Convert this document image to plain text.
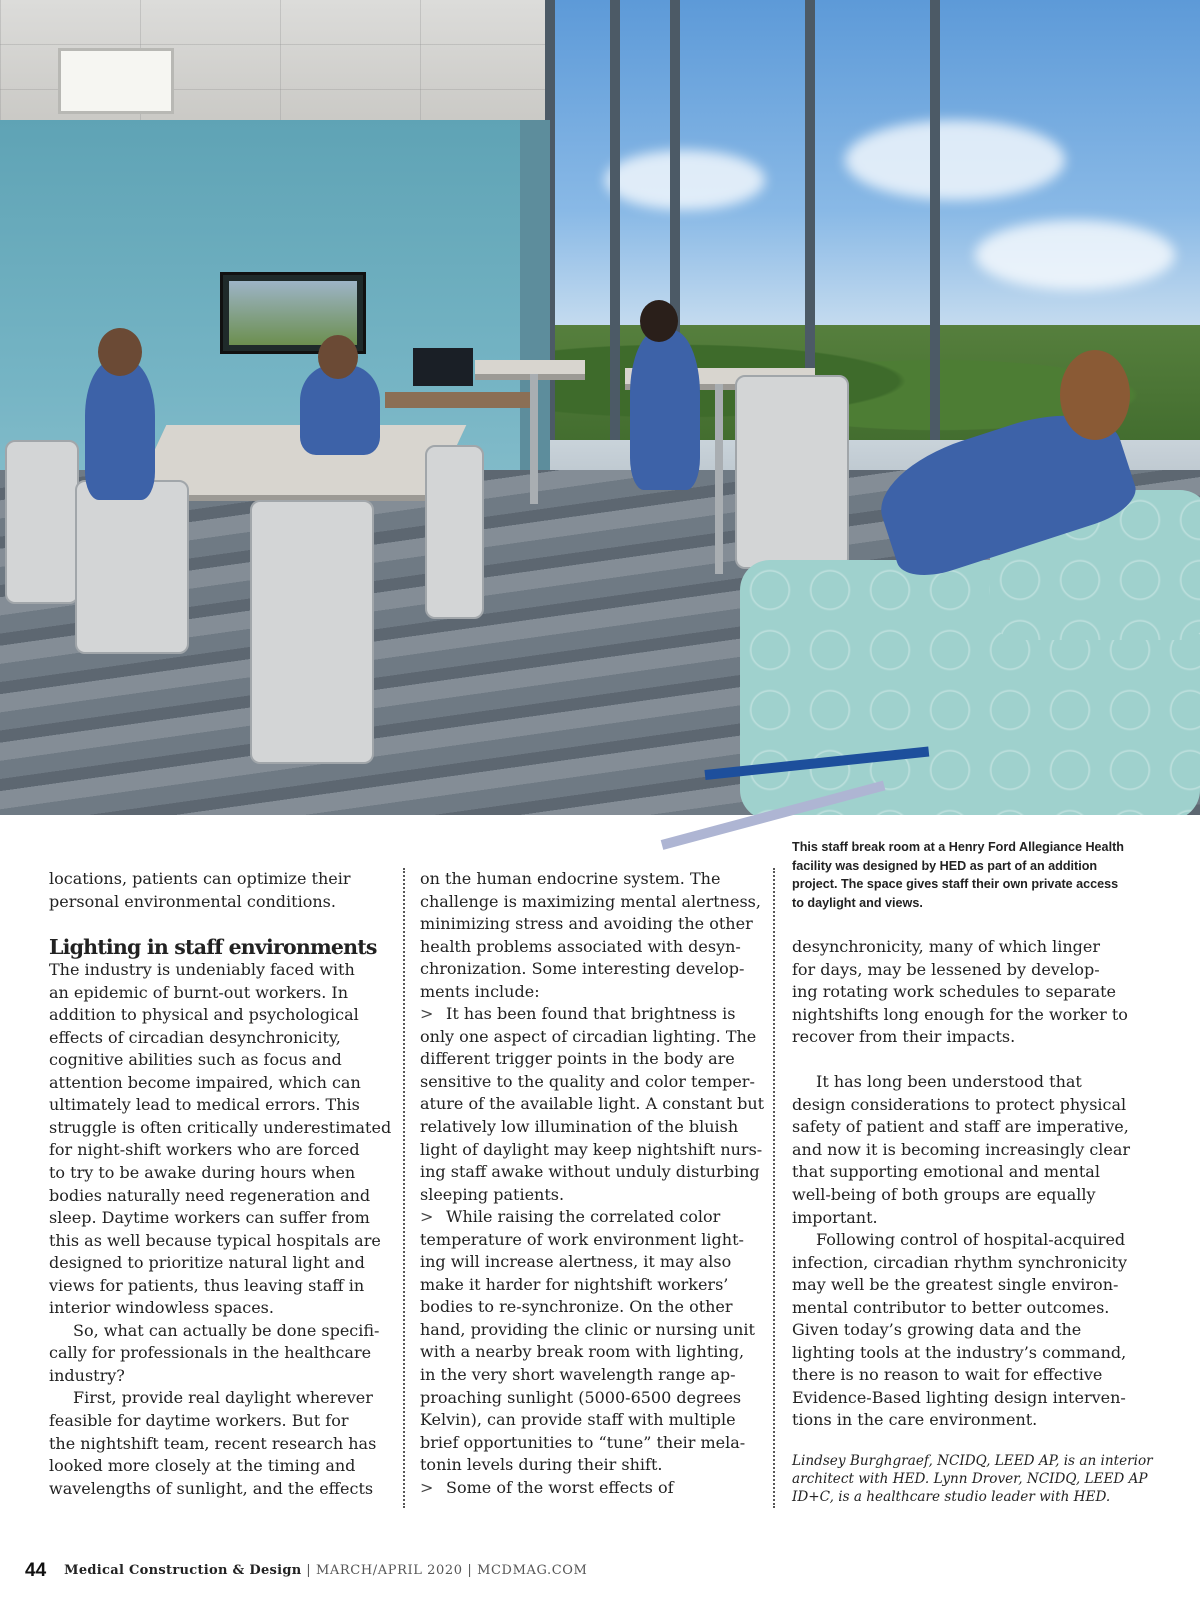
This staff break room at a Henry Ford Allegiance Health facility was designed by HED as part of an addition project. The space gives staff their own private access to daylight and views.
locations, patients can optimize their
personal environmental conditions.
Lighting in staff environments
The industry is undeniably faced with
an epidemic of burnt-out workers. In
addition to physical and psychological
effects of circadian desynchronicity,
cognitive abilities such as focus and
attention become impaired, which can
ultimately lead to medical errors. This
struggle is often critically underestimated
for night-shift workers who are forced
to try to be awake during hours when
bodies naturally need regeneration and
sleep. Daytime workers can suffer from
this as well because typical hospitals are
designed to prioritize natural light and
views for patients, thus leaving staff in
interior windowless spaces.
So, what can actually be done specifi-
cally for professionals in the healthcare
industry?
First, provide real daylight wherever
feasible for daytime workers. But for
the nightshift team, recent research has
looked more closely at the timing and
wavelengths of sunlight, and the effects
on the human endocrine system. The
challenge is maximizing mental alertness,
minimizing stress and avoiding the other
health problems associated with desyn-
chronization. Some interesting develop-
ments include:
> It has been found that brightness is
only one aspect of circadian lighting. The
different trigger points in the body are
sensitive to the quality and color temper-
ature of the available light. A constant but
relatively low illumination of the bluish
light of daylight may keep nightshift nurs-
ing staff awake without unduly disturbing
sleeping patients.
> While raising the correlated color
temperature of work environment light-
ing will increase alertness, it may also
make it harder for nightshift workers’
bodies to re-synchronize. On the other
hand, providing the clinic or nursing unit
with a nearby break room with lighting,
in the very short wavelength range ap-
proaching sunlight (5000-6500 degrees
Kelvin), can provide staff with multiple
brief opportunities to “tune” their mela-
tonin levels during their shift.
> Some of the worst effects of
desynchronicity, many of which linger
for days, may be lessened by develop-
ing rotating work schedules to separate
nightshifts long enough for the worker to
recover from their impacts.
It has long been understood that
design considerations to protect physical
safety of patient and staff are imperative,
and now it is becoming increasingly clear
that supporting emotional and mental
well-being of both groups are equally
important.
Following control of hospital-acquired
infection, circadian rhythm synchronicity
may well be the greatest single environ-
mental contributor to better outcomes.
Given today’s growing data and the
lighting tools at the industry’s command,
there is no reason to wait for effective
Evidence-Based lighting design interven-
tions in the care environment.
Lindsey Burghgraef, NCIDQ, LEED AP, is an interior
architect with HED. Lynn Drover, NCIDQ, LEED AP
ID+C, is a healthcare studio leader with HED.
44 Medical Construction & Design | MARCH/APRIL 2020 | MCDMAG.COM
